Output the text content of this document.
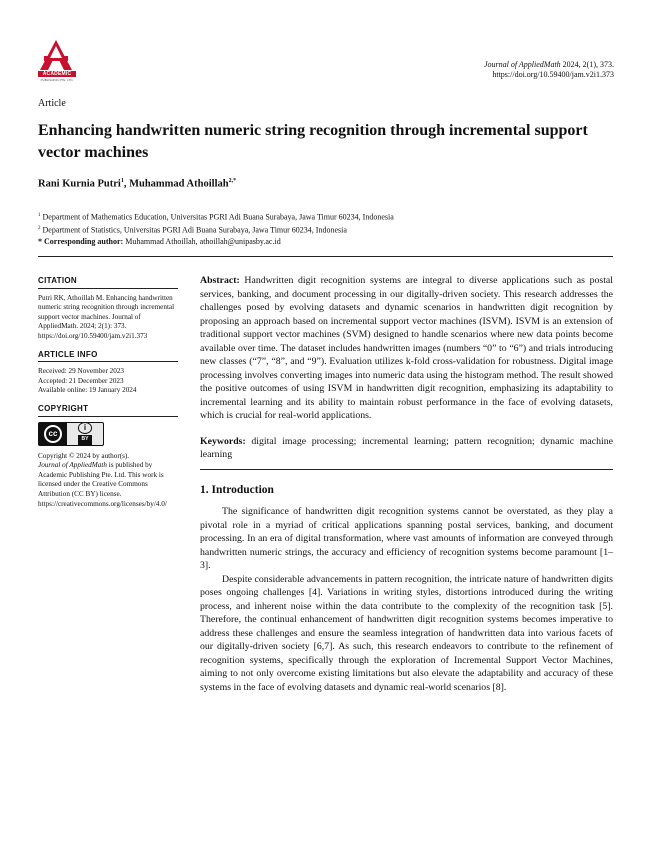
ACADEMIC
PUBLISHING PTE. LTD.
Journal of AppliedMath 2024, 2(1), 373.
https://doi.org/10.59400/jam.v2i1.373
Article
Enhancing handwritten numeric string recognition through incremental support vector machines
Rani Kurnia Putri$^1$, Muhammad Athoillah$^{2,*}$
$^1$ Department of Mathematics Education, Universitas PGRI Adi Buana Surabaya, Jawa Timur 60234, Indonesia
$^2$ Department of Statistics, Universitas PGRI Adi Buana Surabaya, Jawa Timur 60234, Indonesia
* Corresponding author: Muhammad Athoillah, athoillah@unipasby.ac.id
CITATION
Putri RK, Athoillah M. Enhancing handwritten numeric string recognition through incremental support vector machines. Journal of AppliedMath. 2024; 2(1): 373. https://doi.org/10.59400/jam.v2i1.373
ARTICLE INFO
Received: 29 November 2023
Accepted: 21 December 2023
Available online: 19 January 2024
COPYRIGHT
cc
i
BY
Copyright © 2024 by author(s).
Journal of AppliedMath is published by Academic Publishing Pte. Ltd. This work is licensed under the Creative Commons Attribution (CC BY) license.
https://creativecommons.org/licenses/by/4.0/

Abstract: Handwritten digit recognition systems are integral to diverse applications such as postal services, banking, and document processing in our digitally-driven society. This research addresses the challenges posed by evolving datasets and dynamic scenarios in handwritten digit recognition by proposing an approach based on incremental support vector machines (ISVM). ISVM is an extension of traditional support vector machines (SVM) designed to handle scenarios where new data points become available over time. The dataset includes handwritten images (numbers “0” to “6”) and trials introducing new classes (“7”, “8”, and “9”). Evaluation utilizes k-fold cross-validation for robustness. Digital image processing involves converting images into numeric data using the histogram method. The result showed the positive outcomes of using ISVM in handwritten digit recognition, emphasizing its adaptability to incremental learning and its ability to maintain robust performance in the face of evolving datasets, which is crucial for real-world applications.

Keywords: digital image processing; incremental learning; pattern recognition; dynamic machine learning

1. Introduction

The significance of handwritten digit recognition systems cannot be overstated, as they play a pivotal role in a myriad of critical applications spanning postal services, banking, and document processing. In an era of digital transformation, where vast amounts of information are conveyed through handwritten numeric strings, the accuracy and efficiency of recognition systems become paramount [1–3].

Despite considerable advancements in pattern recognition, the intricate nature of handwritten digits poses ongoing challenges [4]. Variations in writing styles, distortions introduced during the writing process, and inherent noise within the data contribute to the complexity of the recognition task [5]. Therefore, the continual enhancement of handwritten digit recognition systems becomes imperative to address these challenges and ensure the seamless integration of handwritten data into various facets of our digitally-driven society [6,7]. As such, this research endeavors to contribute to the refinement of recognition systems, specifically through the exploration of Incremental Support Vector Machines, aiming to not only overcome existing limitations but also elevate the adaptability and accuracy of these systems in the face of evolving datasets and dynamic real-world scenarios [8].
